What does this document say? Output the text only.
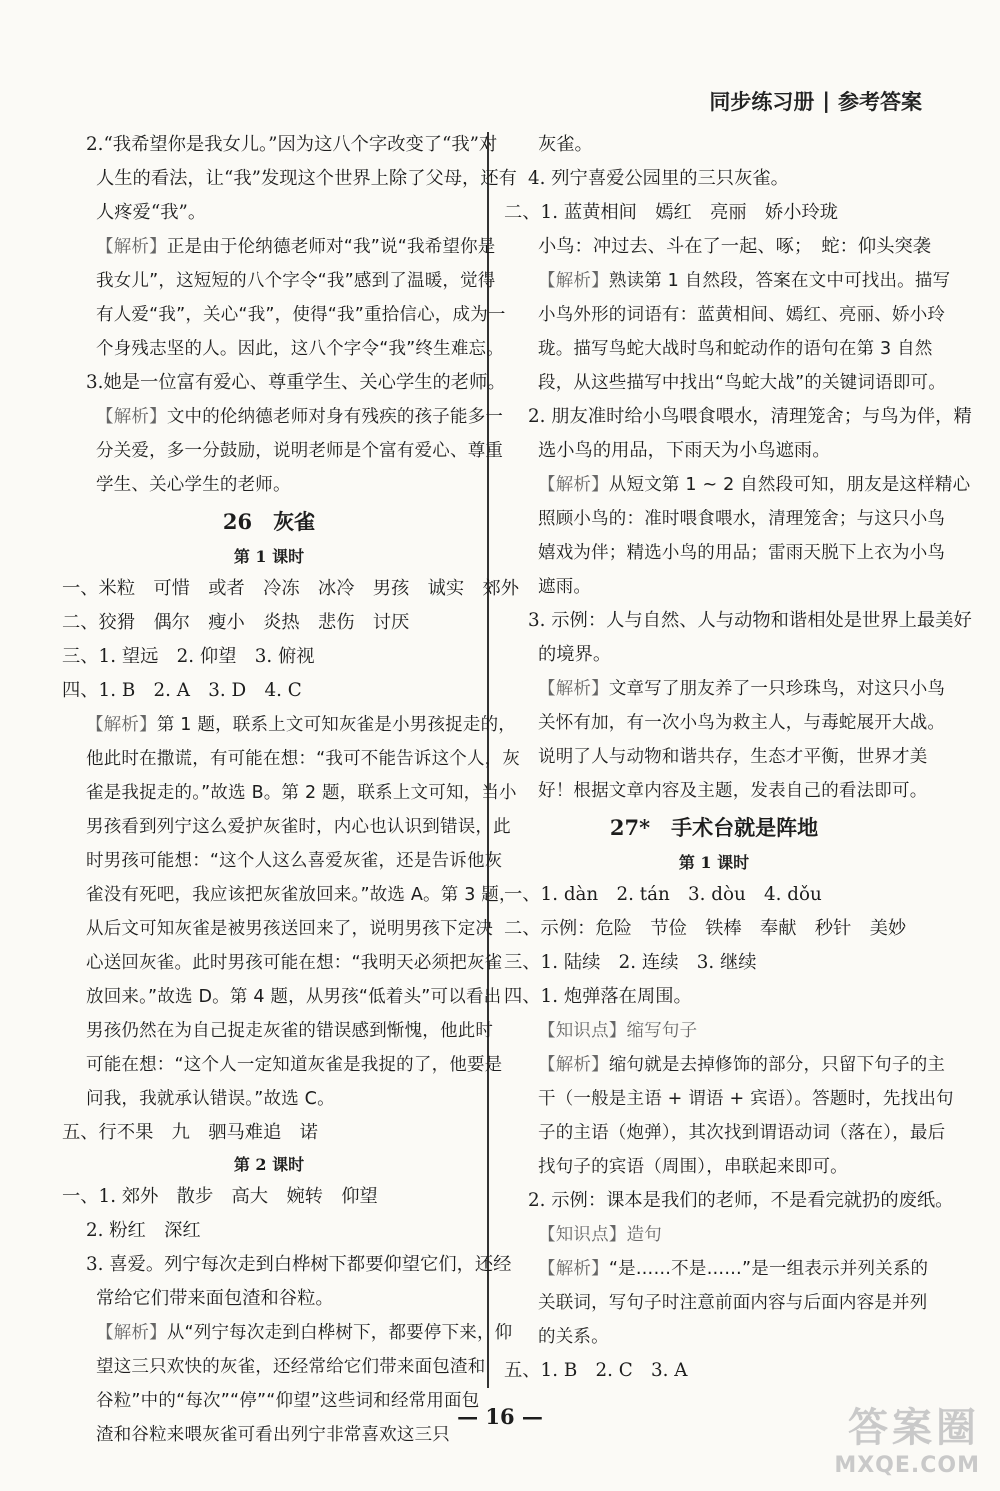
同步练习册 | 参考答案
2.“我希望你是我女儿。”因为这八个字改变了“我”对
人生的看法，让“我”发现这个世界上除了父母，还有
人疼爱“我”。
【解析】正是由于伦纳德老师对“我”说“我希望你是
我女儿”，这短短的八个字令“我”感到了温暖，觉得
有人爱“我”，关心“我”，使得“我”重拾信心，成为一
个身残志坚的人。因此，这八个字令“我”终生难忘。
3.她是一位富有爱心、尊重学生、关心学生的老师。
【解析】文中的伦纳德老师对身有残疾的孩子能多一
分关爱，多一分鼓励，说明老师是个富有爱心、尊重
学生、关心学生的老师。
26　灰雀
第 1 课时
一、米粒　可惜　或者　冷冻　冰冷　男孩　诚实　郊外
二、狡猾　偶尔　瘦小　炎热　悲伤　讨厌
三、1. 望远　2. 仰望　3. 俯视
四、1. B　2. A　3. D　4. C
【解析】第 1 题，联系上文可知灰雀是小男孩捉走的，
他此时在撒谎，有可能在想：“我可不能告诉这个人，灰
雀是我捉走的。”故选 B。第 2 题，联系上文可知，当小
男孩看到列宁这么爱护灰雀时，内心也认识到错误，此
时男孩可能想：“这个人这么喜爱灰雀，还是告诉他灰
雀没有死吧，我应该把灰雀放回来。”故选 A。第 3 题，
从后文可知灰雀是被男孩送回来了，说明男孩下定决
心送回灰雀。此时男孩可能在想：“我明天必须把灰雀
放回来。”故选 D。第 4 题，从男孩“低着头”可以看出
男孩仍然在为自己捉走灰雀的错误感到惭愧，他此时
可能在想：“这个人一定知道灰雀是我捉的了，他要是
问我，我就承认错误。”故选 C。
五、行不果　九　驷马难追　诺
第 2 课时
一、1. 郊外　散步　高大　婉转　仰望
2. 粉红　深红
3. 喜爱。列宁每次走到白桦树下都要仰望它们，还经
常给它们带来面包渣和谷粒。
【解析】从“列宁每次走到白桦树下，都要停下来，仰
望这三只欢快的灰雀，还经常给它们带来面包渣和
谷粒”中的“每次”“停”“仰望”这些词和经常用面包
渣和谷粒来喂灰雀可看出列宁非常喜欢这三只
灰雀。
4. 列宁喜爱公园里的三只灰雀。
二、1. 蓝黄相间　嫣红　亮丽　娇小玲珑
小鸟：冲过去、斗在了一起、啄；　蛇：仰头突袭
【解析】熟读第 1 自然段，答案在文中可找出。描写
小鸟外形的词语有：蓝黄相间、嫣红、亮丽、娇小玲
珑。描写鸟蛇大战时鸟和蛇动作的语句在第 3 自然
段，从这些描写中找出“鸟蛇大战”的关键词语即可。
2. 朋友准时给小鸟喂食喂水，清理笼舍；与鸟为伴，精
选小鸟的用品，下雨天为小鸟遮雨。
【解析】从短文第 1 ~ 2 自然段可知，朋友是这样精心
照顾小鸟的：准时喂食喂水，清理笼舍；与这只小鸟
嬉戏为伴；精选小鸟的用品；雷雨天脱下上衣为小鸟
遮雨。
3. 示例：人与自然、人与动物和谐相处是世界上最美好
的境界。
【解析】文章写了朋友养了一只珍珠鸟，对这只小鸟
关怀有加，有一次小鸟为救主人，与毒蛇展开大战。
说明了人与动物和谐共存，生态才平衡，世界才美
好！根据文章内容及主题，发表自己的看法即可。
27*　手术台就是阵地
第 1 课时
一、1. dàn　2. tán　3. dòu　4. dǒu
二、示例：危险　节俭　铁棒　奉献　秒针　美妙
三、1. 陆续　2. 连续　3. 继续
四、1. 炮弹落在周围。
【知识点】缩写句子
【解析】缩句就是去掉修饰的部分，只留下句子的主
干（一般是主语 + 谓语 + 宾语）。答题时，先找出句
子的主语（炮弹），其次找到谓语动词（落在），最后
找句子的宾语（周围），串联起来即可。
2. 示例：课本是我们的老师，不是看完就扔的废纸。
【知识点】造句
【解析】“是……不是……”是一组表示并列关系的
关联词，写句子时注意前面内容与后面内容是并列
的关系。
五、1. B　2. C　3. A
— 16 —	答案圈
MXQE.COM
